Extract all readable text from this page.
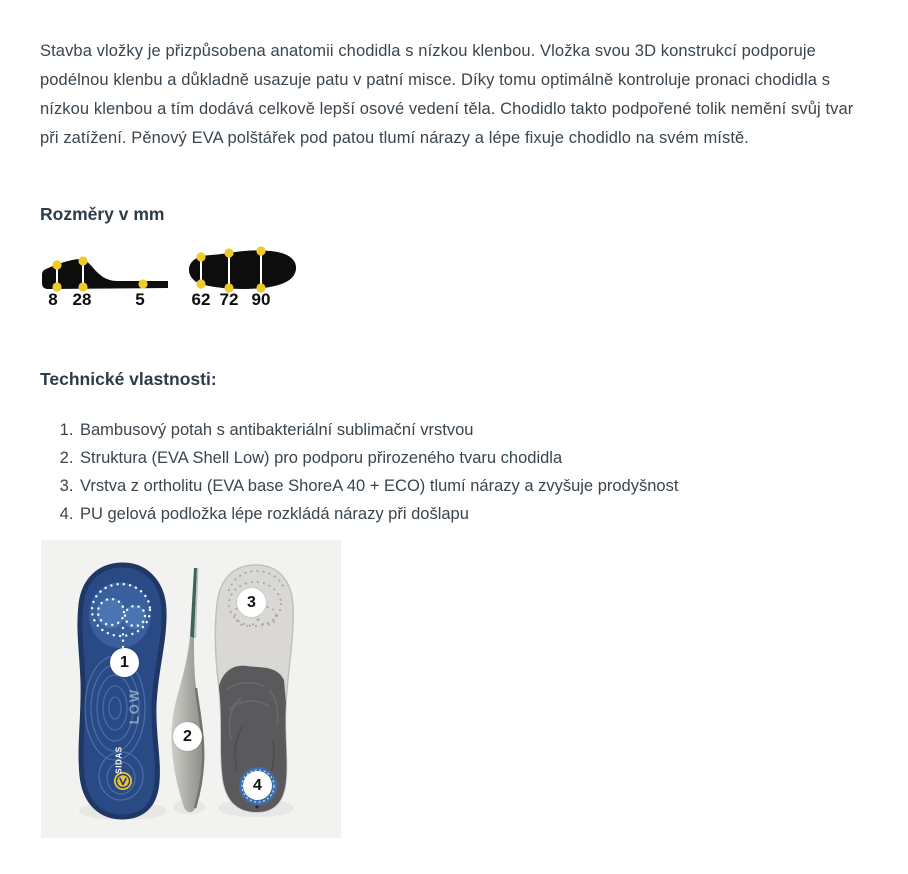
Stavba vložky je přizpůsobena anatomii chodidla s nízkou klenbou. Vložka svou 3D konstrukcí podporuje podélnou klenbu a důkladně usazuje patu v patní misce. Díky tomu optimálně kontroluje pronaci chodidla s nízkou klenbou a tím dodává celkově lepší osové vedení těla. Chodidlo takto podpořené tolik nemění svůj tvar při zatížení. Pěnový EVA polštářek pod patou tlumí nárazy a lépe fixuje chodidlo na svém místě.

Rozměry v mm
8 28	5	62 72 90
Technické vlastnosti:
1. Bambusový potah s antibakteriální sublimační vrstvou
2. Struktura (EVA Shell Low) pro podporu přirozeného tvaru chodidla
3. Vrstva z ortholitu (EVA base ShoreA 40 + ECO) tlumí nárazy a zvyšuje prodyšnost
4. PU gelová podložka lépe rozkládá nárazy při došlapu
LOW
SIDAS
1
2
3
4
